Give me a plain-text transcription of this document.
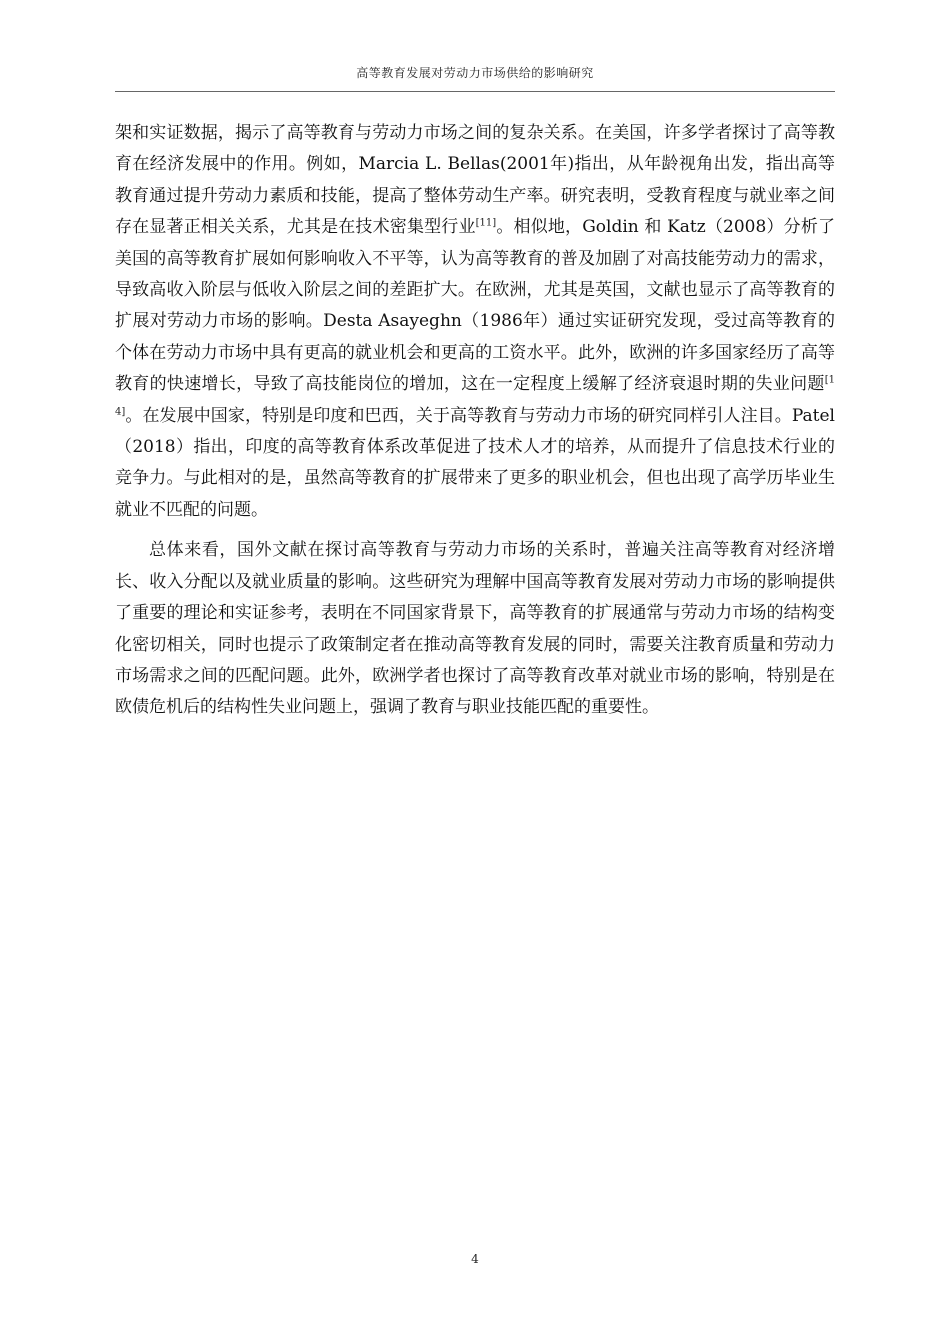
高等教育发展对劳动力市场供给的影响研究

架和实证数据，揭示了高等教育与劳动力市场之间的复杂关系。在美国，许多学者探讨了高等教育在经济发展中的作用。例如，Marcia L. Bellas(2001年)指出，从年龄视角出发，指出高等教育通过提升劳动力素质和技能，提高了整体劳动生产率。研究表明，受教育程度与就业率之间存在显著正相关关系，尤其是在技术密集型行业[11]。相似地，Goldin 和 Katz（2008）分析了美国的高等教育扩展如何影响收入不平等，认为高等教育的普及加剧了对高技能劳动力的需求，导致高收入阶层与低收入阶层之间的差距扩大。在欧洲，尤其是英国，文献也显示了高等教育的扩展对劳动力市场的影响。Desta Asayeghn（1986年）通过实证研究发现，受过高等教育的个体在劳动力市场中具有更高的就业机会和更高的工资水平。此外，欧洲的许多国家经历了高等教育的快速增长，导致了高技能岗位的增加，这在一定程度上缓解了经济衰退时期的失业问题[14]。在发展中国家，特别是印度和巴西，关于高等教育与劳动力市场的研究同样引人注目。Patel（2018）指出，印度的高等教育体系改革促进了技术人才的培养，从而提升了信息技术行业的竞争力。与此相对的是，虽然高等教育的扩展带来了更多的职业机会，但也出现了高学历毕业生就业不匹配的问题。

总体来看，国外文献在探讨高等教育与劳动力市场的关系时，普遍关注高等教育对经济增长、收入分配以及就业质量的影响。这些研究为理解中国高等教育发展对劳动力市场的影响提供了重要的理论和实证参考，表明在不同国家背景下，高等教育的扩展通常与劳动力市场的结构变化密切相关，同时也提示了政策制定者在推动高等教育发展的同时，需要关注教育质量和劳动力市场需求之间的匹配问题。此外，欧洲学者也探讨了高等教育改革对就业市场的影响，特别是在欧债危机后的结构性失业问题上，强调了教育与职业技能匹配的重要性。

4
